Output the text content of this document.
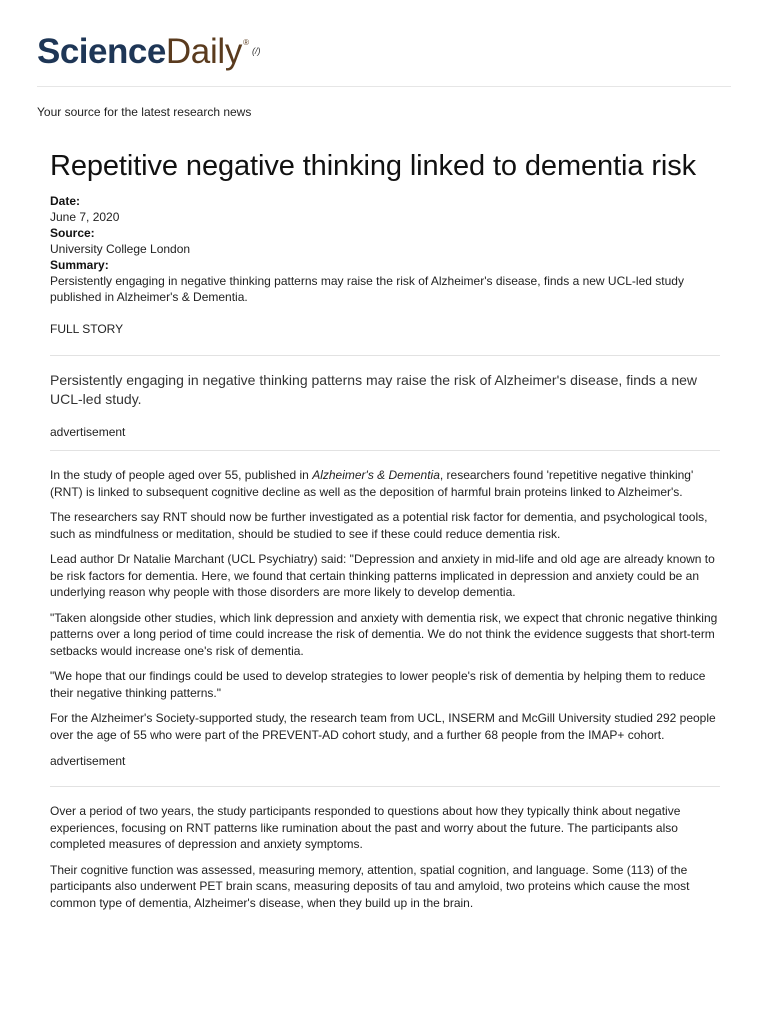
Science Daily ®
(/)
Your source for the latest research news
Repetitive negative thinking linked to dementia risk
Date:
June 7, 2020
Source:
University College London
Summary:
Persistently engaging in negative thinking patterns may raise the risk of Alzheimer's disease, finds a new UCL-led study published in Alzheimer's & Dementia.
FULL STORY

Persistently engaging in negative thinking patterns may raise the risk of Alzheimer's disease, finds a new UCL-led study.

advertisement

In the study of people aged over 55, published in Alzheimer's & Dementia, researchers found 'repetitive negative thinking' (RNT) is linked to subsequent cognitive decline as well as the deposition of harmful brain proteins linked to Alzheimer's.

The researchers say RNT should now be further investigated as a potential risk factor for dementia, and psychological tools, such as mindfulness or meditation, should be studied to see if these could reduce dementia risk.

Lead author Dr Natalie Marchant (UCL Psychiatry) said: "Depression and anxiety in mid-life and old age are already known to be risk factors for dementia. Here, we found that certain thinking patterns implicated in depression and anxiety could be an underlying reason why people with those disorders are more likely to develop dementia.

"Taken alongside other studies, which link depression and anxiety with dementia risk, we expect that chronic negative thinking patterns over a long period of time could increase the risk of dementia. We do not think the evidence suggests that short-term setbacks would increase one's risk of dementia.

"We hope that our findings could be used to develop strategies to lower people's risk of dementia by helping them to reduce their negative thinking patterns."

For the Alzheimer's Society-supported study, the research team from UCL, INSERM and McGill University studied 292 people over the age of 55 who were part of the PREVENT-AD cohort study, and a further 68 people from the IMAP+ cohort.

advertisement

Over a period of two years, the study participants responded to questions about how they typically think about negative experiences, focusing on RNT patterns like rumination about the past and worry about the future. The participants also completed measures of depression and anxiety symptoms.

Their cognitive function was assessed, measuring memory, attention, spatial cognition, and language. Some (113) of the participants also underwent PET brain scans, measuring deposits of tau and amyloid, two proteins which cause the most common type of dementia, Alzheimer's disease, when they build up in the brain.
